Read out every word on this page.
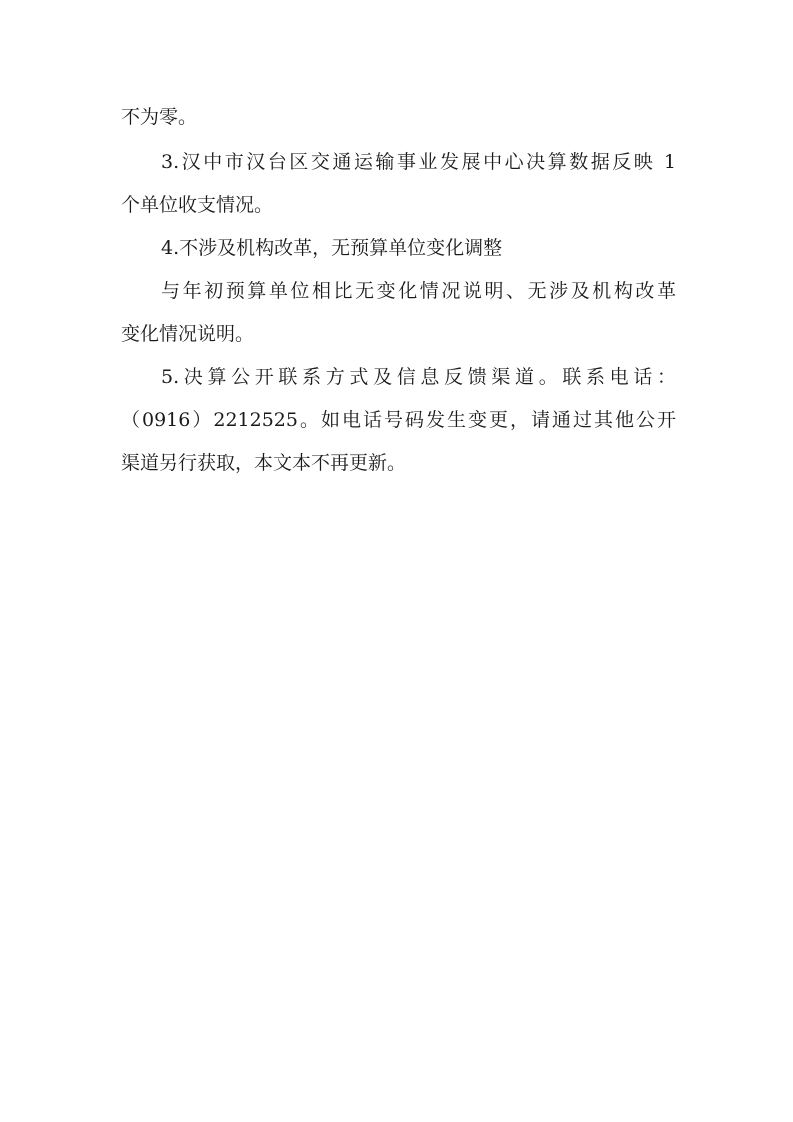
不为零。
3.汉中市汉台区交通运输事业发展中心决算数据反映 1
个单位收支情况。
4.不涉及机构改革，无预算单位变化调整
与年初预算单位相比无变化情况说明、无涉及机构改革
变化情况说明。
5.决算公开联系方式及信息反馈渠道。联系电话：
（0916）2212525。如电话号码发生变更，请通过其他公开
渠道另行获取，本文本不再更新。
